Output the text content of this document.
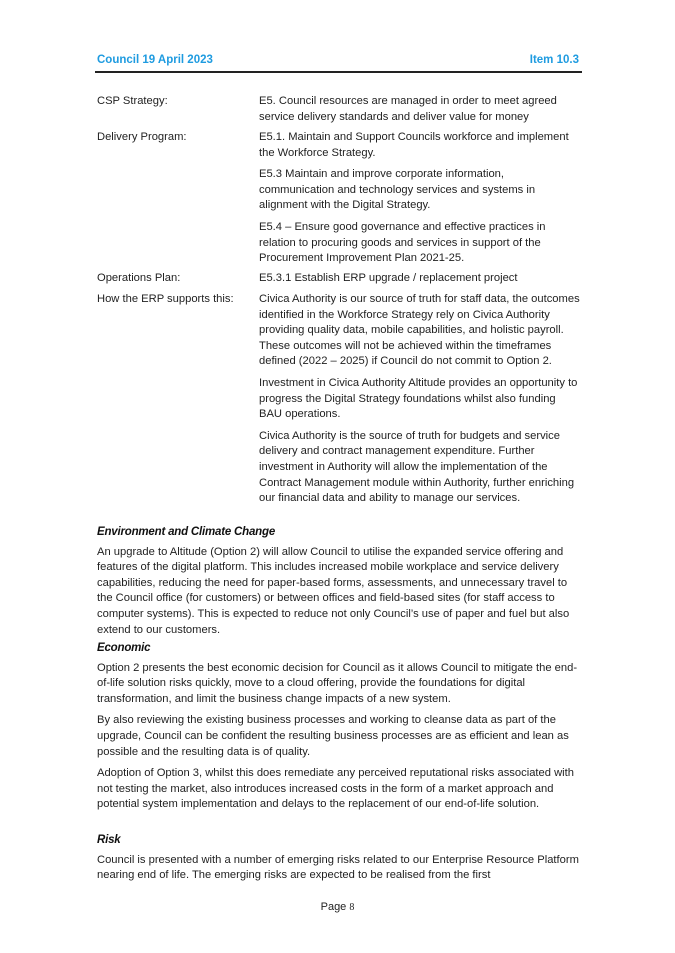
Council 19 April 2023	Item 10.3
CSP Strategy:	E5. Council resources are managed in order to meet agreed service delivery standards and deliver value for money

Delivery Program:	E5.1. Maintain and Support Councils workforce and implement the Workforce Strategy.

E5.3 Maintain and improve corporate information, communication and technology services and systems in alignment with the Digital Strategy.

E5.4 – Ensure good governance and effective practices in relation to procuring goods and services in support of the Procurement Improvement Plan 2021-25.

Operations Plan:	E5.3.1 Establish ERP upgrade / replacement project

How the ERP supports this:	Civica Authority is our source of truth for staff data, the outcomes identified in the Workforce Strategy rely on Civica Authority providing quality data, mobile capabilities, and holistic payroll. These outcomes will not be achieved within the timeframes defined (2022 – 2025) if Council do not commit to Option 2.

Investment in Civica Authority Altitude provides an opportunity to progress the Digital Strategy foundations whilst also funding BAU operations.

Civica Authority is the source of truth for budgets and service delivery and contract management expenditure. Further investment in Authority will allow the implementation of the Contract Management module within Authority, further enriching our financial data and ability to manage our services.

Environment and Climate Change

An upgrade to Altitude (Option 2) will allow Council to utilise the expanded service offering and features of the digital platform. This includes increased mobile workplace and service delivery capabilities, reducing the need for paper-based forms, assessments, and unnecessary travel to the Council office (for customers) or between offices and field-based sites (for staff access to computer systems). This is expected to reduce not only Council’s use of paper and fuel but also extend to our customers.

Economic

Option 2 presents the best economic decision for Council as it allows Council to mitigate the end-of-life solution risks quickly, move to a cloud offering, provide the foundations for digital transformation, and limit the business change impacts of a new system.

By also reviewing the existing business processes and working to cleanse data as part of the upgrade, Council can be confident the resulting business processes are as efficient and lean as possible and the resulting data is of quality.

Adoption of Option 3, whilst this does remediate any perceived reputational risks associated with not testing the market, also introduces increased costs in the form of a market approach and potential system implementation and delays to the replacement of our end-of-life solution.

Risk

Council is presented with a number of emerging risks related to our Enterprise Resource Platform nearing end of life. The emerging risks are expected to be realised from the first

Page 8
